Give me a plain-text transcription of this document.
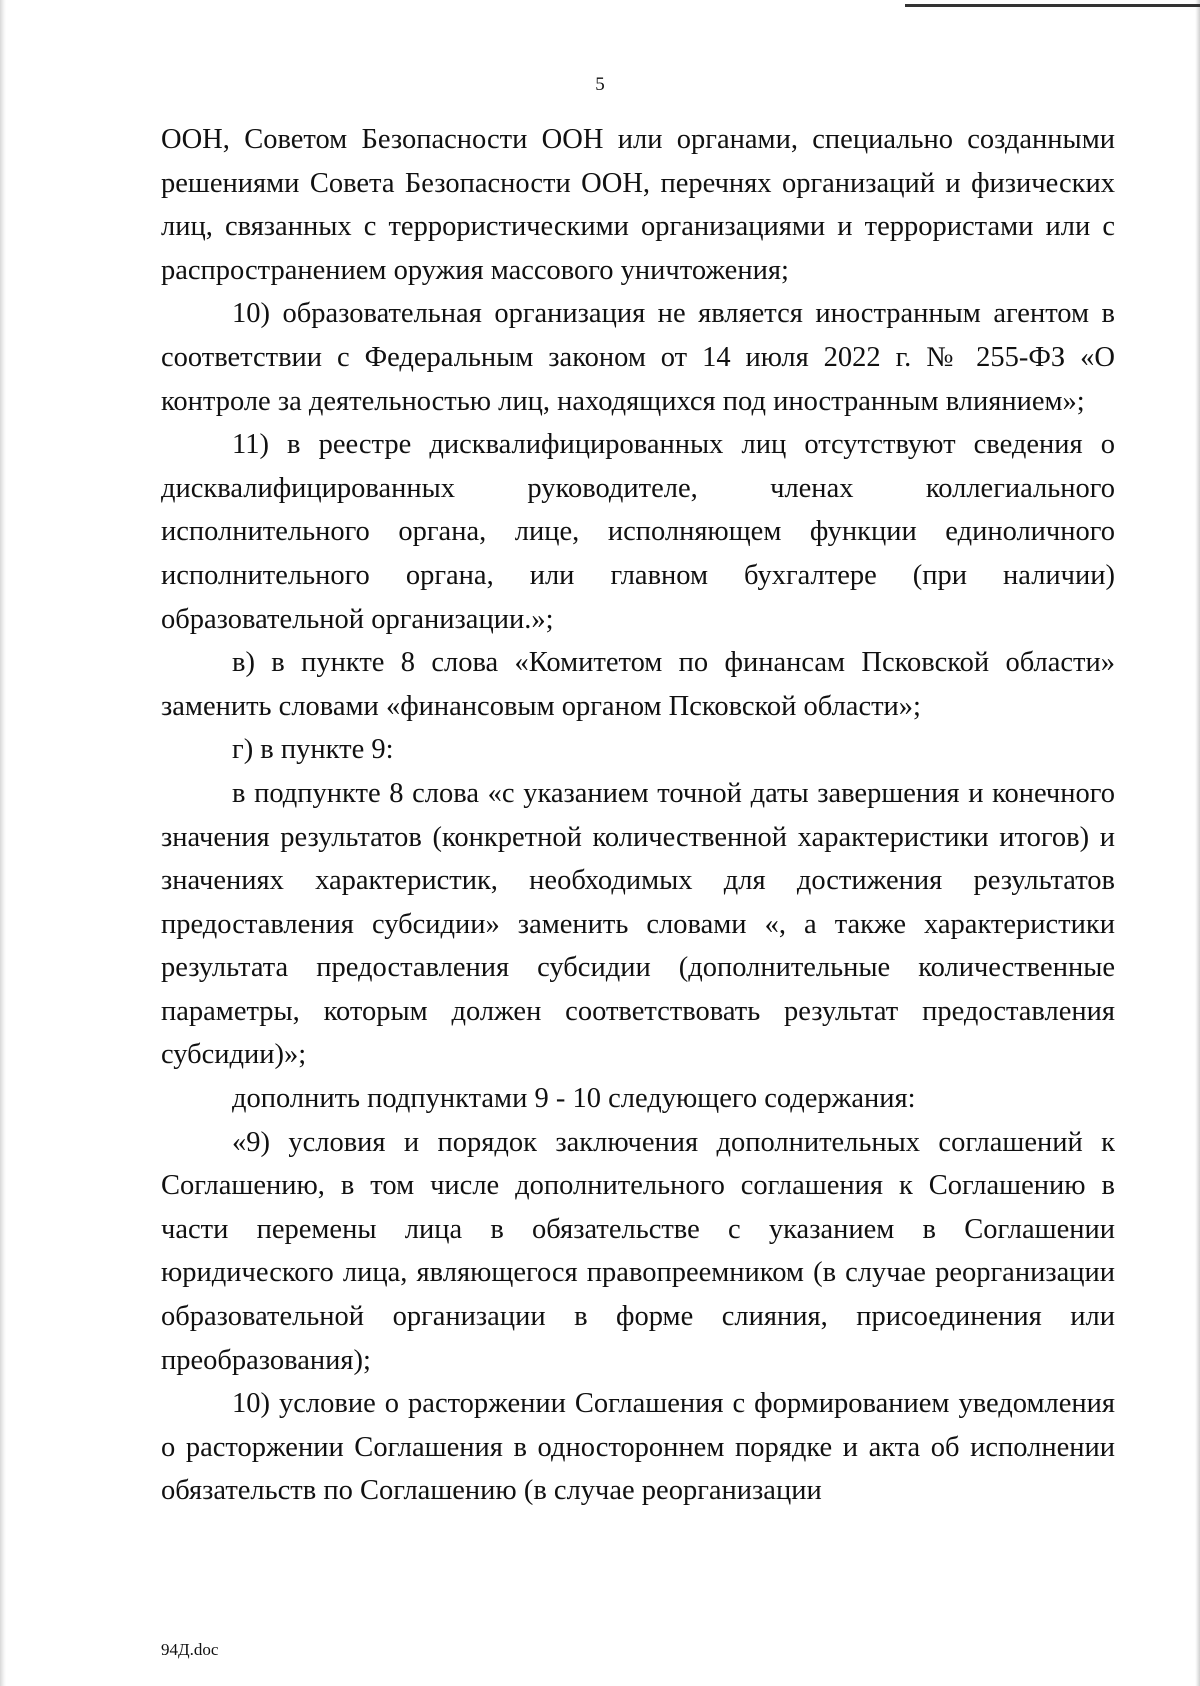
5

ООН, Советом Безопасности ООН или органами, специально созданными решениями Совета Безопасности ООН, перечнях организаций и физических лиц, связанных с террористическими организациями и террористами или с распространением оружия массового уничтожения;

10) образовательная организация не является иностранным агентом в соответствии с Федеральным законом от 14 июля 2022 г. № 255-ФЗ «О контроле за деятельностью лиц, находящихся под иностранным влиянием»;

11) в реестре дисквалифицированных лиц отсутствуют сведения о дисквалифицированных руководителе, членах коллегиального исполнительного органа, лице, исполняющем функции единоличного исполнительного органа, или главном бухгалтере (при наличии) образовательной организации.»;

в) в пункте 8 слова «Комитетом по финансам Псковской области» заменить словами «финансовым органом Псковской области»;

г) в пункте 9:

в подпункте 8 слова «с указанием точной даты завершения и конечного значения результатов (конкретной количественной характеристики итогов) и значениях характеристик, необходимых для достижения результатов предоставления субсидии» заменить словами «, а также характеристики результата предоставления субсидии (дополнительные количественные параметры, которым должен соответствовать результат предоставления субсидии)»;

дополнить подпунктами 9 - 10 следующего содержания:

«9) условия и порядок заключения дополнительных соглашений к Соглашению, в том числе дополнительного соглашения к Соглашению в части перемены лица в обязательстве с указанием в Соглашении юридического лица, являющегося правопреемником (в случае реорганизации образовательной организации в форме слияния, присоединения или преобразования);

10) условие о расторжении Соглашения с формированием уведомления о расторжении Соглашения в одностороннем порядке и акта об исполнении обязательств по Соглашению (в случае реорганизации

94Д.doc
